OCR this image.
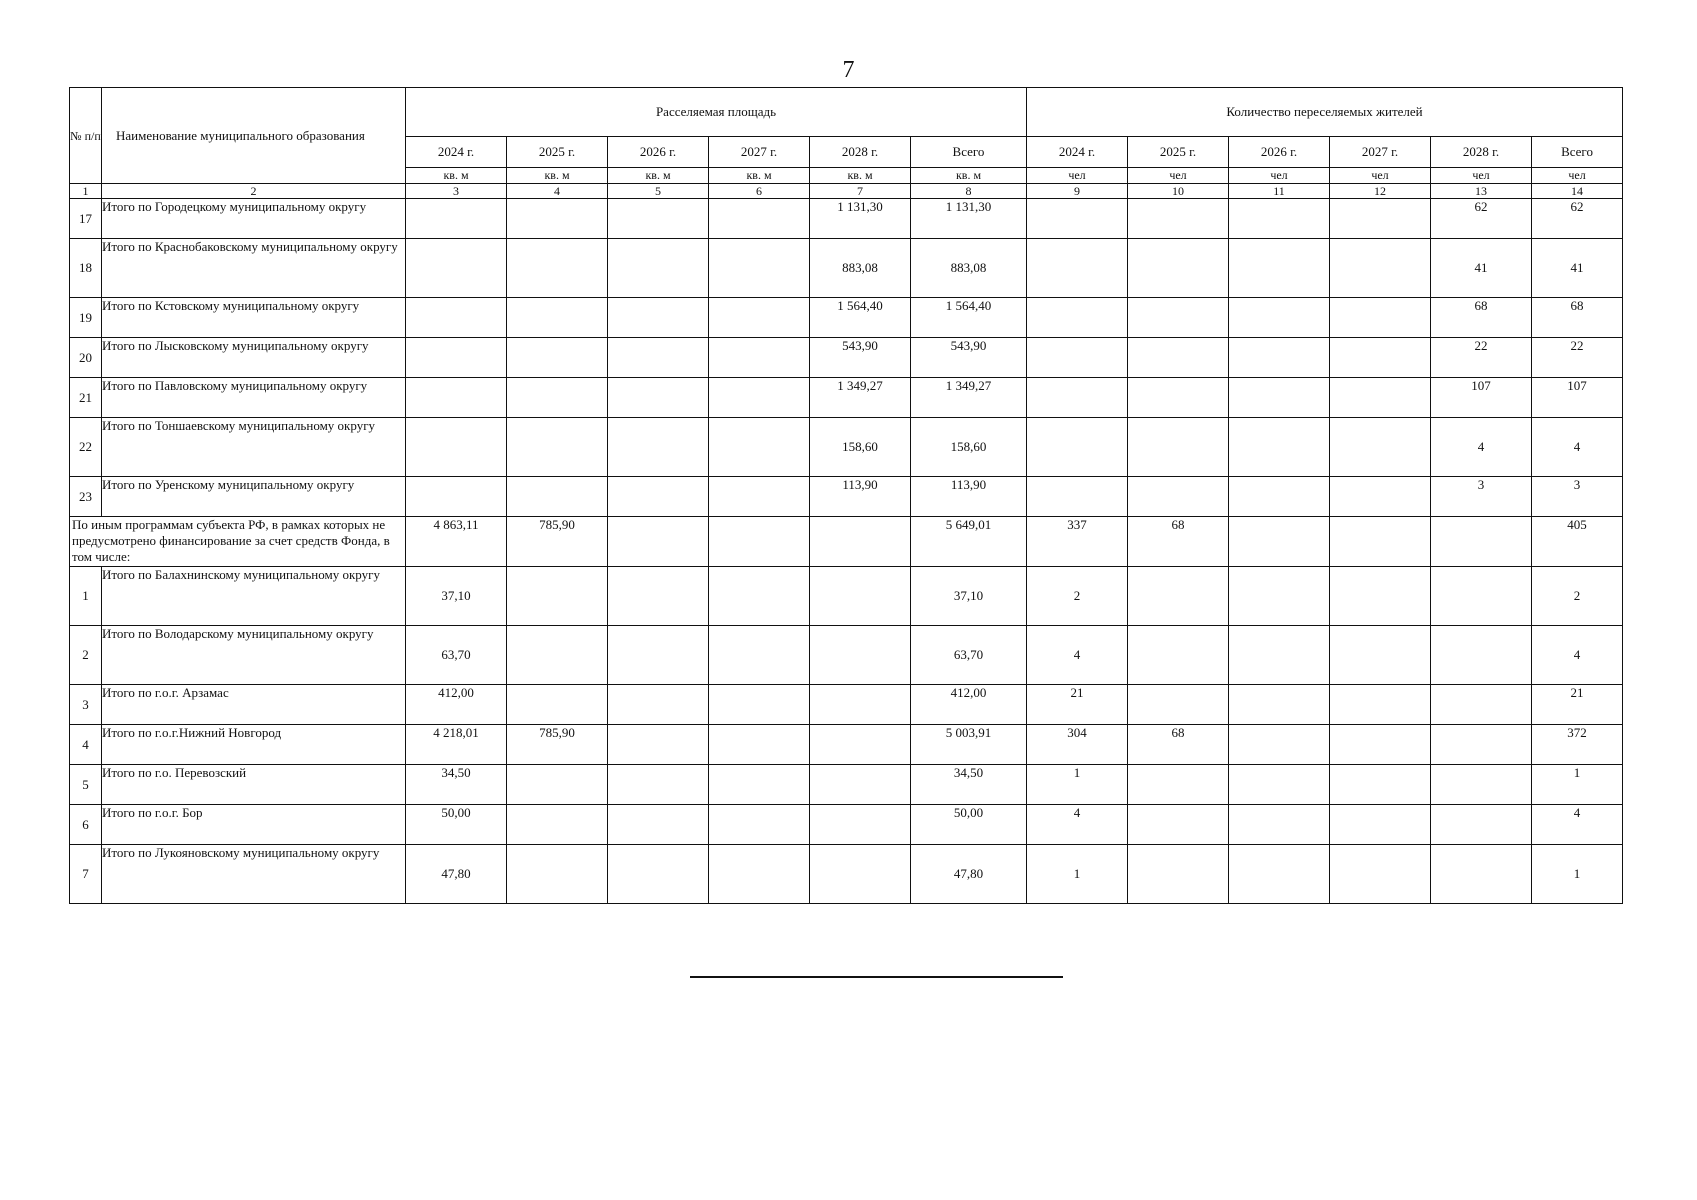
7
№ п/п	Наименование муниципального образования	Расселяемая площадь						Количество переселяемых жителей					
		2024 г.	2025 г.	2026 г.	2027 г.	2028 г.	Всего	2024 г.	2025 г.	2026 г.	2027 г.	2028 г.	Всего
		кв. м	кв. м	кв. м	кв. м	кв. м	кв. м	чел	чел	чел	чел	чел	чел
1	2	3	4	5	6	7	8	9	10	11	12	13	14
17	Итого по Городецкому муниципальному округу					1 131,30	1 131,30					62	62
18	Итого по Краснобаковскому муниципальному округу					883,08	883,08					41	41
19	Итого по Кстовскому муниципальному округу					1 564,40	1 564,40					68	68
20	Итого по Лысковскому муниципальному округу					543,90	543,90					22	22
21	Итого по Павловскому муниципальному округу					1 349,27	1 349,27					107	107
22	Итого по Тоншаевскому муниципальному округу					158,60	158,60					4	4
23	Итого по Уренскому муниципальному округу					113,90	113,90					3	3
По иным программам субъекта РФ, в рамках которых не предусмотрено финансирование за счет средств Фонда, в том числе:		4 863,11	785,90				5 649,01	337	68				405
1	Итого по Балахнинскому муниципальному округу	37,10					37,10	2					2
2	Итого по Володарскому муниципальному округу	63,70					63,70	4					4
3	Итого по г.о.г. Арзамас	412,00					412,00	21					21
4	Итого по г.о.г.Нижний Новгород	4 218,01	785,90				5 003,91	304	68				372
5	Итого по г.о. Перевозский	34,50					34,50	1					1
6	Итого по г.о.г. Бор	50,00					50,00	4					4
7	Итого по Лукояновскому муниципальному округу	47,80					47,80	1					1
